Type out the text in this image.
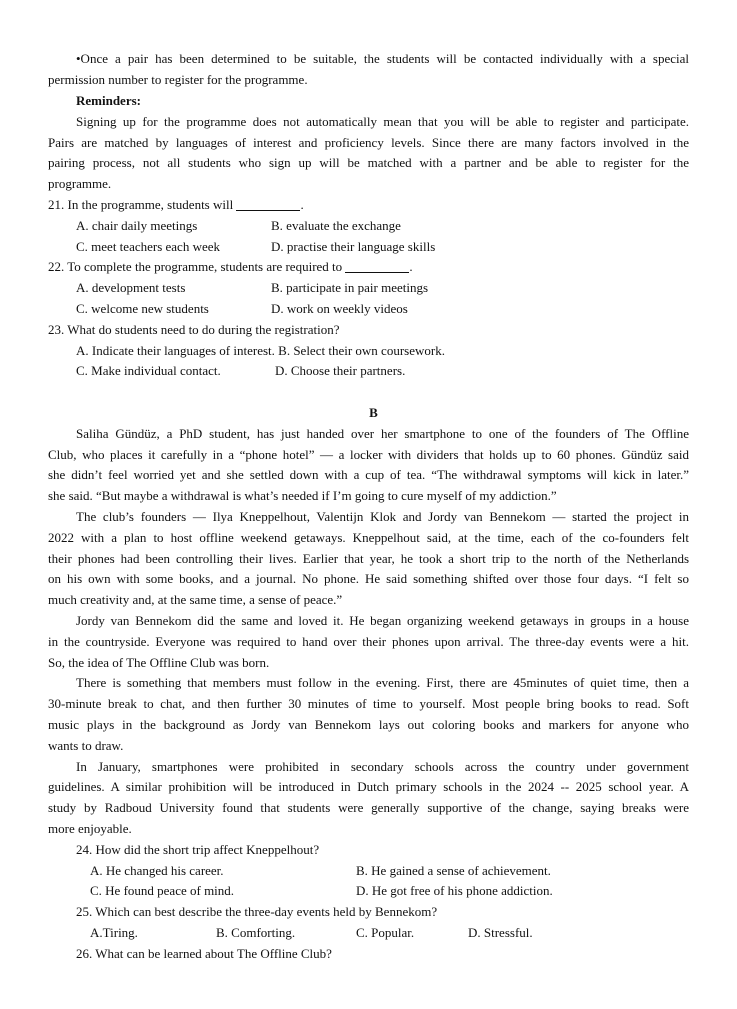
•Once a pair has been determined to be suitable, the students will be contacted individually with a special
permission number to register for the programme.
Reminders:
Signing up for the programme does not automatically mean that you will be able to register and participate.
Pairs are matched by languages of interest and proficiency levels. Since there are many factors involved in the
pairing process, not all students who sign up will be matched with a partner and be able to register for the
programme.
21. In the programme, students will	.
A. chair daily meetings	B. evaluate the exchange
C. meet teachers each week	D. practise their language skills
22. To complete the programme, students are required to	.
A. development tests	B. participate in pair meetings
C. welcome new students	D. work on weekly videos
23. What do students need to do during the registration?
A. Indicate their languages of interest. B. Select their own coursework.
C. Make individual contact.	D. Choose their partners.
B
Saliha Gündüz, a PhD student, has just handed over her smartphone to one of the founders of The Offline
Club, who places it carefully in a “phone hotel” — a locker with dividers that holds up to 60 phones. Gündüz said
she didn’t feel worried yet and she settled down with a cup of tea. “The withdrawal symptoms will kick in later.”
she said. “But maybe a withdrawal is what’s needed if I’m going to cure myself of my addiction.”
The club’s founders — Ilya Kneppelhout, Valentijn Klok and Jordy van Bennekom — started the project in
2022 with a plan to host offline weekend getaways. Kneppelhout said, at the time, each of the co-founders felt
their phones had been controlling their lives. Earlier that year, he took a short trip to the north of the Netherlands
on his own with some books, and a journal. No phone. He said something shifted over those four days. “I felt so
much creativity and, at the same time, a sense of peace.”
Jordy van Bennekom did the same and loved it. He began organizing weekend getaways in groups in a house
in the countryside. Everyone was required to hand over their phones upon arrival. The three-day events were a hit.
So, the idea of The Offline Club was born.
There is something that members must follow in the evening. First, there are 45minutes of quiet time, then a
30-minute break to chat, and then further 30 minutes of time to yourself. Most people bring books to read. Soft
music plays in the background as Jordy van Bennekom lays out coloring books and markers for anyone who
wants to draw.
In January, smartphones were prohibited in secondary schools across the country under government
guidelines. A similar prohibition will be introduced in Dutch primary schools in the 2024 -- 2025 school year. A
study by Radboud University found that students were generally supportive of the change, saying breaks were
more enjoyable.
24. How did the short trip affect Kneppelhout?
A. He changed his career.	B. He gained a sense of achievement.
C. He found peace of mind.	D. He got free of his phone addiction.
25. Which can best describe the three-day events held by Bennekom?
A.Tiring.	B. Comforting.	C. Popular.	D. Stressful.
26. What can be learned about The Offline Club?
